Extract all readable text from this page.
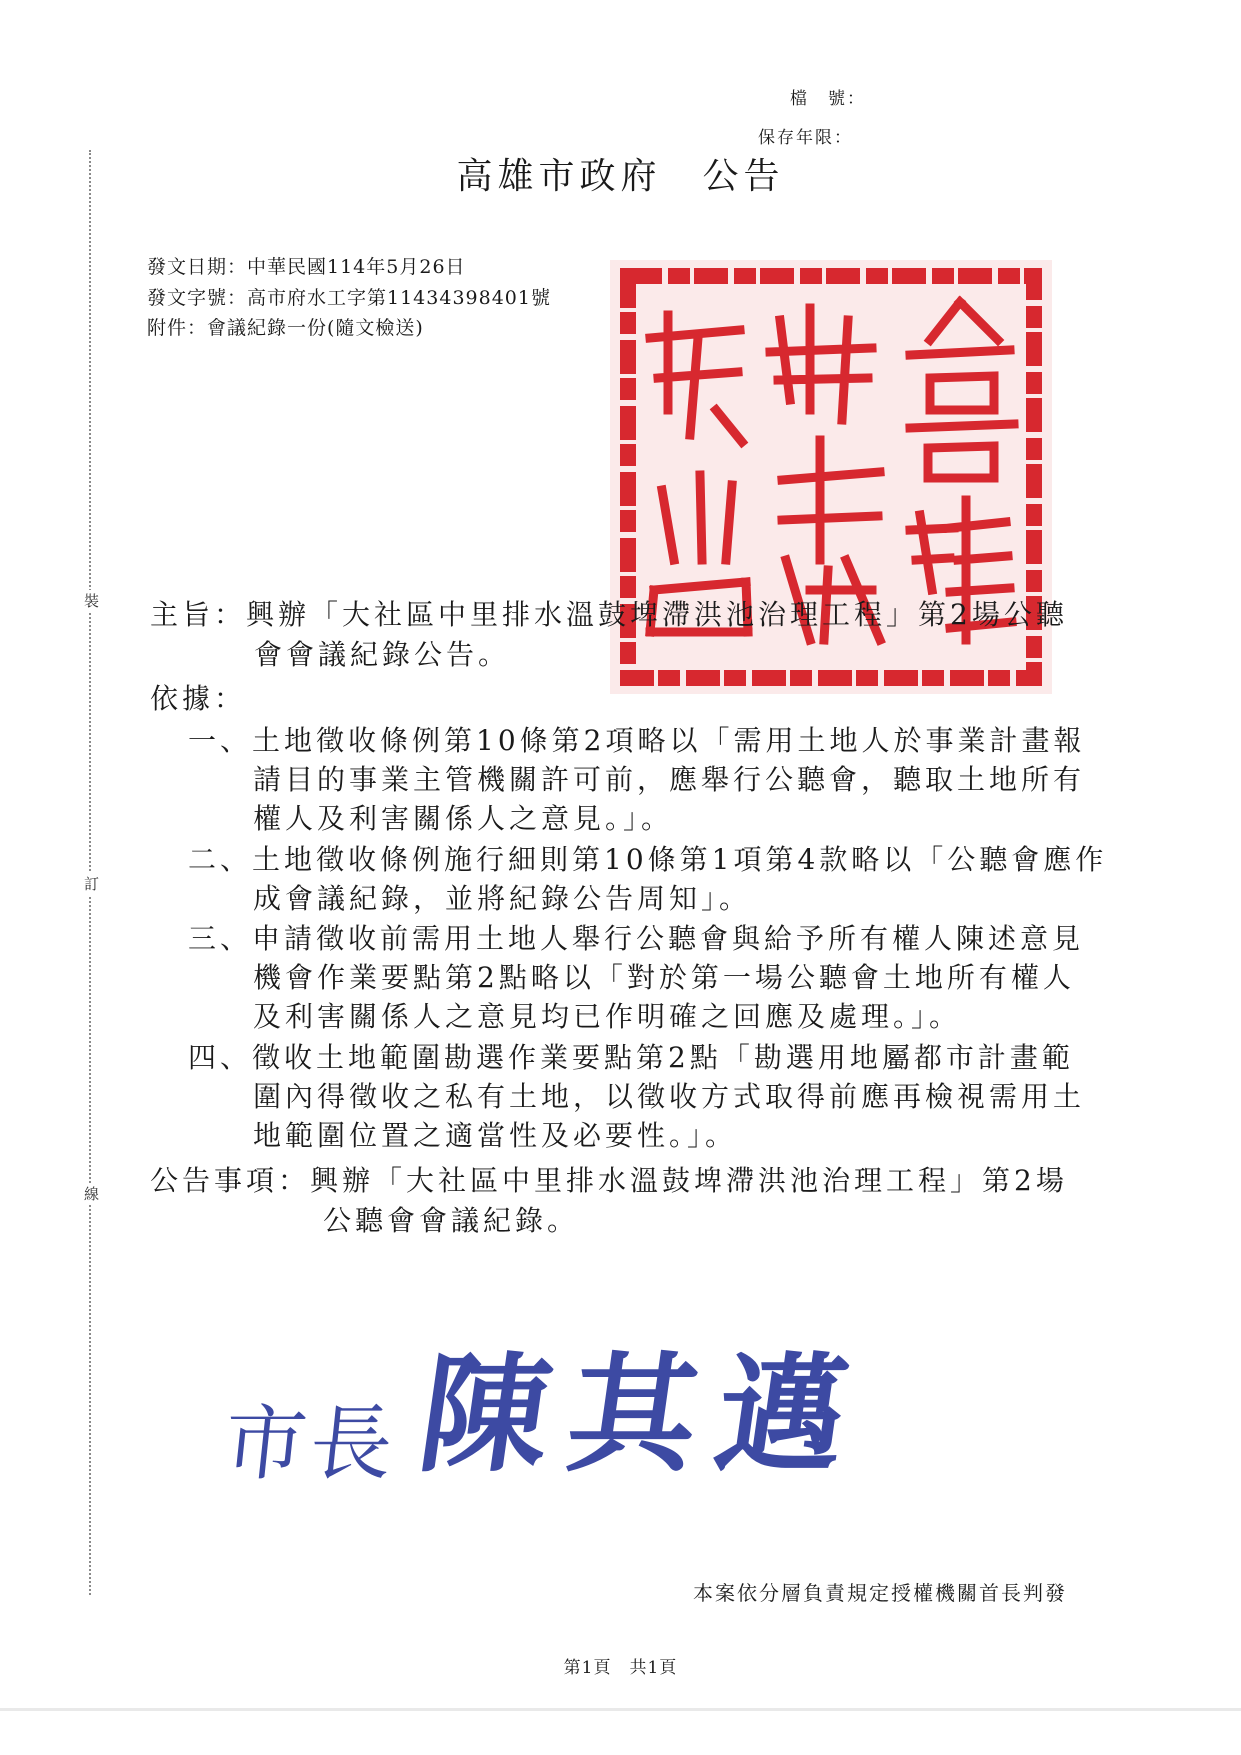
裝
訂
線
檔　號：
保存年限：
高雄市政府　公告
發文日期：中華民國114年5月26日
發文字號：高市府水工字第11434398401號
附件：會議紀錄一份(隨文檢送)
主旨：興辦「大社區中里排水溫鼓埤滯洪池治理工程」第2場公聽
會會議紀錄公告。
依據：
一、土地徵收條例第10條第2項略以「需用土地人於事業計畫報
請目的事業主管機關許可前，應舉行公聽會，聽取土地所有
權人及利害關係人之意見。」。
二、土地徵收條例施行細則第10條第1項第4款略以「公聽會應作
成會議紀錄，並將紀錄公告周知」。
三、申請徵收前需用土地人舉行公聽會與給予所有權人陳述意見
機會作業要點第2點略以「對於第一場公聽會土地所有權人
及利害關係人之意見均已作明確之回應及處理。」。
四、徵收土地範圍勘選作業要點第2點「勘選用地屬都市計畫範
圍內得徵收之私有土地，以徵收方式取得前應再檢視需用土
地範圍位置之適當性及必要性。」。
公告事項：興辦「大社區中里排水溫鼓埤滯洪池治理工程」第2場
公聽會會議紀錄。
市長陳其邁
本案依分層負責規定授權機關首長判發
第1頁　共1頁
